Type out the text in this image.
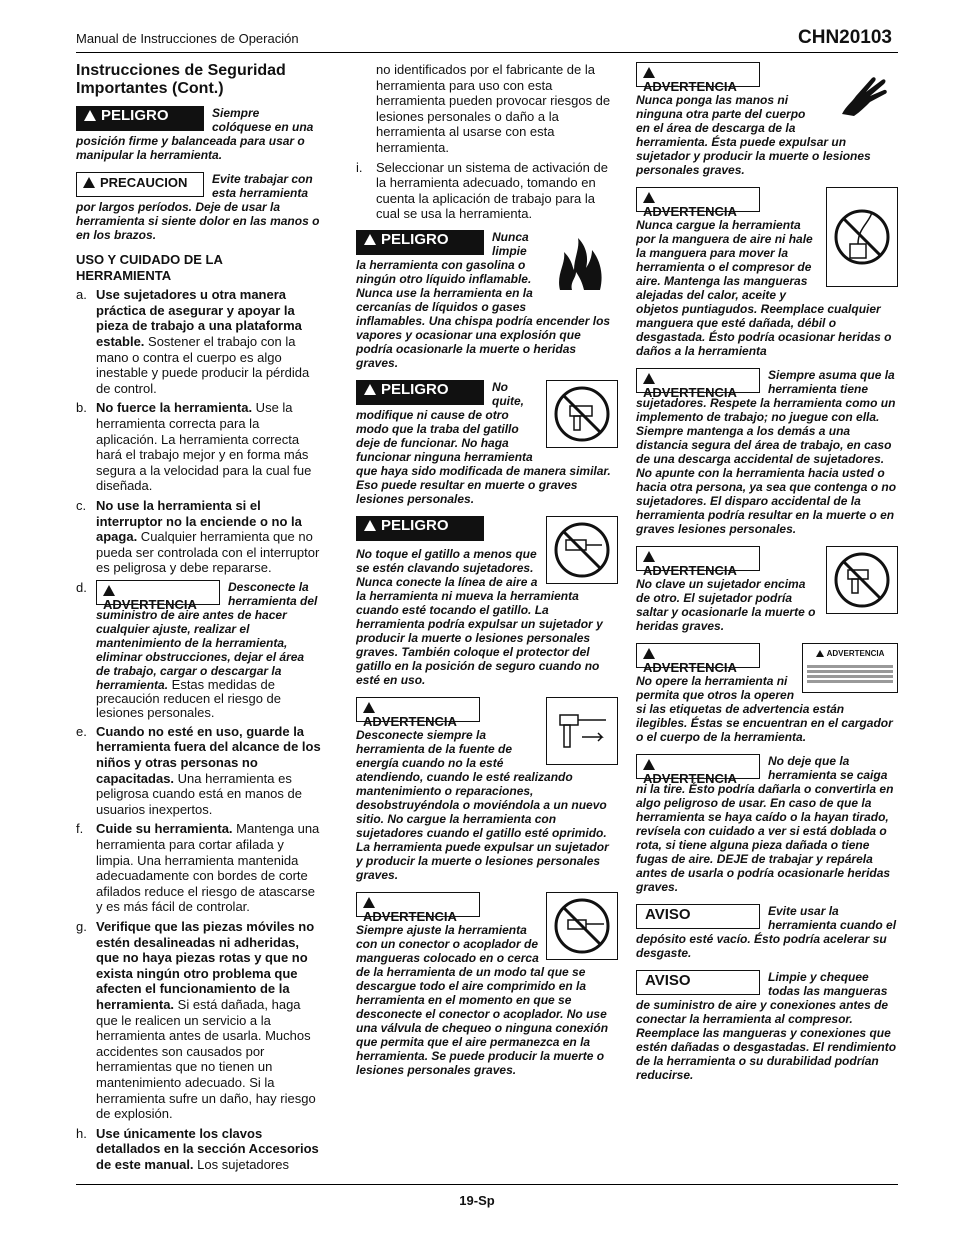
Manual de Instrucciones de Operación	CHN20103
Instrucciones de Seguridad Importantes (Cont.)
PELIGRO	Siempre colóquese en una posición firme y balanceada para usar o manipular la herramienta.
PRECAUCION	Evite trabajar con esta herramienta por largos períodos. Deje de usar la herramienta si siente dolor en las manos o en los brazos.
USO Y CUIDADO DE LA HERRAMIENTA
a. Use sujetadores u otra manera práctica de asegurar y apoyar la pieza de trabajo a una plataforma estable. Sostener el trabajo con la mano o contra el cuerpo es algo inestable y puede producir la pérdida de control.
b. No fuerce la herramienta. Use la herramienta correcta para la aplicación. La herramienta correcta hará el trabajo mejor y en forma más segura a la velocidad para la cual fue diseñada.
c. No use la herramienta si el interruptor no la enciende o no la apaga. Cualquier herramienta que no pueda ser controlada con el interruptor es peligrosa y debe repararse.
d.
ADVERTENCIA
Desconecte la herramienta del suministro de aire antes de hacer cualquier ajuste, realizar el mantenimiento de la herramienta, eliminar obstrucciones, dejar el área de trabajo, cargar o descargar la herramienta. Estas medidas de precaución reducen el riesgo de lesiones personales.
e. Cuando no esté en uso, guarde la herramienta fuera del alcance de los niños y otras personas no capacitadas. Una herramienta es peligrosa cuando está en manos de usuarios inexpertos.
f. Cuide su herramienta. Mantenga una herramienta para cortar afilada y limpia. Una herramienta mantenida adecuadamente con bordes de corte afilados reduce el riesgo de atascarse y es más fácil de controlar.
g. Verifique que las piezas móviles no estén desalineadas ni adheridas, que no haya piezas rotas y que no exista ningún otro problema que afecten el funcionamiento de la herramienta. Si está dañada, haga que le realicen un servicio a la herramienta antes de usarla. Muchos accidentes son causados por herramientas que no tienen un mantenimiento adecuado. Si la herramienta sufre un daño, hay riesgo de explosión.
h. Use únicamente los clavos detallados en la sección Accesorios de este manual. Los sujetadores
no identificados por el fabricante de la herramienta para uso con esta herramienta pueden provocar riesgos de lesiones personales o daño a la herramienta al usarse con esta herramienta.
i.	Seleccionar un sistema de activación de la herramienta adecuado, tomando en cuenta la aplicación de trabajo para la cual se usa la herramienta.
PELIGRO	Nunca limpie la herramienta con gasolina o ningún otro líquido inflamable. Nunca use la herramienta en la cercanías de líquidos o gases inflamables. Una chispa podría encender los vapores y ocasionar una explosión que podría ocasionarle la muerte o heridas graves.
PELIGRO	No quite, modifique ni cause de otro modo que la traba del gatillo deje de funcionar. No haga funcionar ninguna herramienta que haya sido modificada de manera similar. Eso puede resultar en muerte o graves lesiones personales.
PELIGRO
No toque el gatillo a menos que se estén clavando sujetadores. Nunca conecte la línea de aire a la herramienta ni mueva la herramienta cuando esté tocando el gatillo. La herramienta podría expulsar un sujetador y producir la muerte o lesiones personales graves. También coloque el protector del gatillo en la posición de seguro cuando no esté en uso.
ADVERTENCIA
Desconecte siempre la herramienta de la fuente de energía cuando no la esté atendiendo, cuando le esté realizando mantenimiento o reparaciones, desobstruyéndola o moviéndola a un nuevo sitio. No cargue la herramienta con sujetadores cuando el gatillo esté oprimido. La herramienta puede expulsar un sujetador y producir la muerte o lesiones personales graves.
ADVERTENCIA
Siempre ajuste la herramienta con un conector o acoplador de mangueras colocado en o cerca de la herramienta de un modo tal que se descargue todo el aire comprimido en la herramienta en el momento en que se desconecte el conector o acoplador. No use una válvula de chequeo o ninguna conexión que permita que el aire permanezca en la herramienta. Se puede producir la muerte o lesiones personales graves.
ADVERTENCIA
Nunca ponga las manos ni ninguna otra parte del cuerpo en el área de descarga de la herramienta. Ésta puede expulsar un sujetador y producir la muerte o lesiones personales graves.
ADVERTENCIA
Nunca cargue la herramienta por la manguera de aire ni hale la manguera para mover la herramienta o el compresor de aire. Mantenga las mangueras alejadas del calor, aceite y objetos puntiagudos. Reemplace cualquier manguera que esté dañada, débil o desgastada. Ésto podría ocasionar heridas o daños a la herramienta
ADVERTENCIA
Siempre asuma que la herramienta tiene sujetadores. Respete la herramienta como un implemento de trabajo; no juegue con ella. Siempre mantenga a los demás a una distancia segura del área de trabajo, en caso de una descarga accidental de sujetadores. No apunte con la herramienta hacia usted o hacia otra persona, ya sea que contenga o no sujetadores. El disparo accidental de la herramienta podría resultar en la muerte o en graves lesiones personales.
ADVERTENCIA
No clave un sujetador encima de otro. El sujetador podría saltar y ocasionarle la muerte o heridas graves.
ADVERTENCIA
ADVERTENCIA
No opere la herramienta ni permita que otros la operen si las etiquetas de advertencia están ilegibles. Éstas se encuentran en el cargador o el cuerpo de la herramienta.
ADVERTENCIA
No deje que la herramienta se caiga ni la tire. Ésto podría dañarla o convertirla en algo peligroso de usar. En caso de que la herramienta se haya caído o la hayan tirado, revísela con cuidado a ver si está doblada o rota, si tiene alguna pieza dañada o tiene fugas de aire. DEJE de trabajar y repárela antes de usarla o podría ocasionarle heridas graves.
AVISO	Evite usar la herramienta cuando el depósito esté vacío. Ésto podría acelerar su desgaste.
AVISO	Limpie y chequee todas las mangueras de suministro de aire y conexiones antes de conectar la herramienta al compresor. Reemplace las mangueras y conexiones que estén dañadas o desgastadas. El rendimiento de la herramienta o su durabilidad podrían reducirse.
19-Sp
